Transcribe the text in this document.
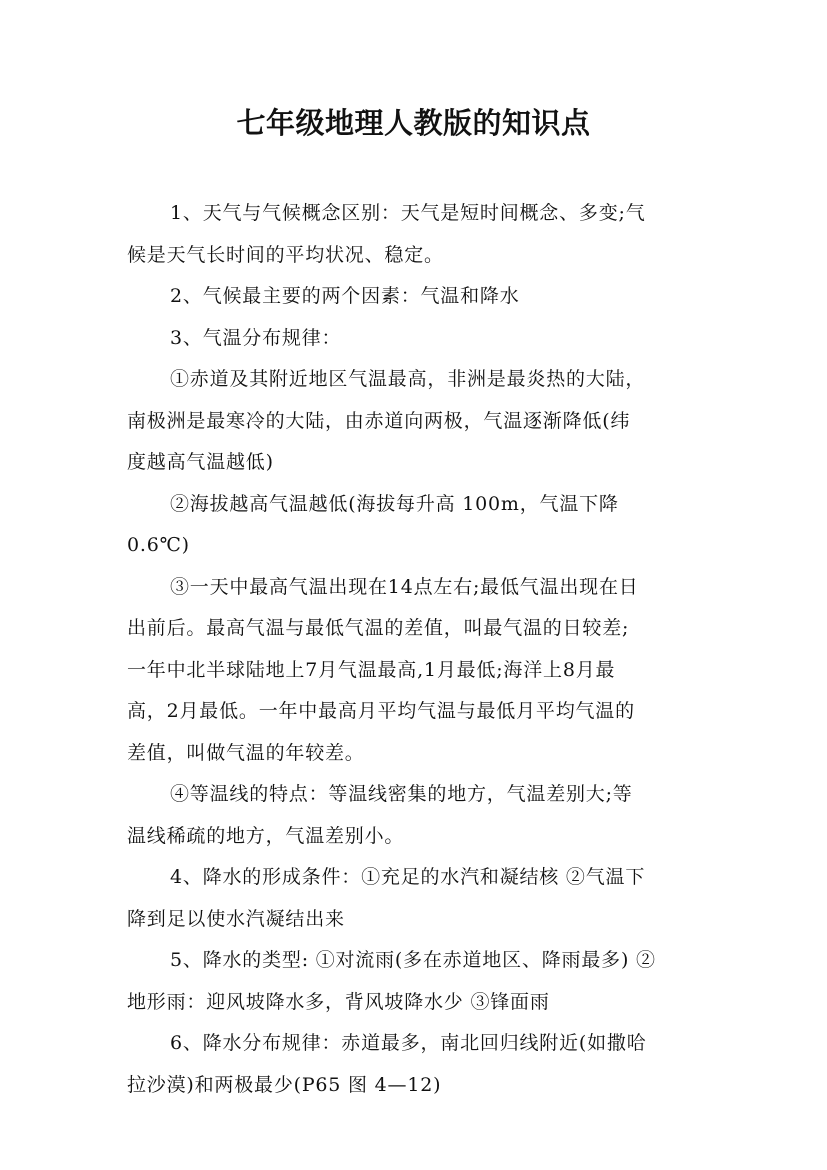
七年级地理人教版的知识点

1、天气与气候概念区别：天气是短时间概念、多变;气
候是天气长时间的平均状况、稳定。

2、气候最主要的两个因素：气温和降水

3、气温分布规律：

①赤道及其附近地区气温最高，非洲是最炎热的大陆，
南极洲是最寒冷的大陆，由赤道向两极，气温逐渐降低(纬
度越高气温越低)

②海拔越高气温越低(海拔每升高 100m，气温下降
0.6℃)

③一天中最高气温出现在14点左右;最低气温出现在日
出前后。最高气温与最低气温的差值，叫最气温的日较差;
一年中北半球陆地上7月气温最高,1月最低;海洋上8月最
高，2月最低。一年中最高月平均气温与最低月平均气温的
差值，叫做气温的年较差。

④等温线的特点：等温线密集的地方，气温差别大;等
温线稀疏的地方，气温差别小。

4、降水的形成条件：①充足的水汽和凝结核 ②气温下
降到足以使水汽凝结出来

5、降水的类型: ①对流雨(多在赤道地区、降雨最多) ②
地形雨：迎风坡降水多，背风坡降水少 ③锋面雨

6、降水分布规律：赤道最多，南北回归线附近(如撒哈
拉沙漠)和两极最少(P65 图 4—12)
